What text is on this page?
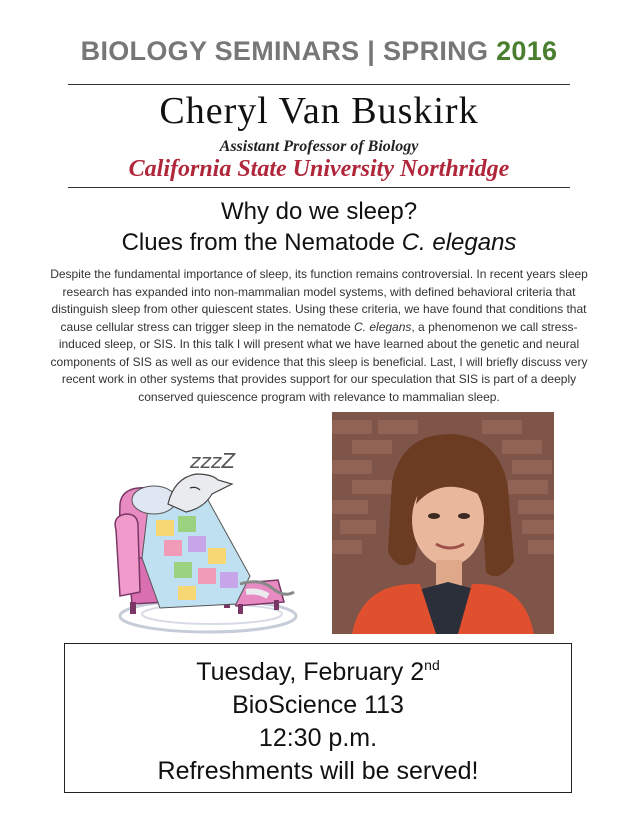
BIOLOGY SEMINARS | SPRING 2016
Cheryl Van Buskirk
Assistant Professor of Biology
California State University Northridge
Why do we sleep?
Clues from the Nematode C. elegans
Despite the fundamental importance of sleep, its function remains controversial. In recent years sleep
research has expanded into non-mammalian model systems, with defined behavioral criteria that
distinguish sleep from other quiescent states. Using these criteria, we have found that conditions that
cause cellular stress can trigger sleep in the nematode C. elegans, a phenomenon we call stress-
induced sleep, or SIS. In this talk I will present what we have learned about the genetic and neural
components of SIS as well as our evidence that this sleep is beneficial. Last, I will briefly discuss very
recent work in other systems that provides support for our speculation that SIS is part of a deeply
conserved quiescence program with relevance to mammalian sleep.
zzzZ
Tuesday, February 2nd
BioScience 113
12:30 p.m.
Refreshments will be served!
